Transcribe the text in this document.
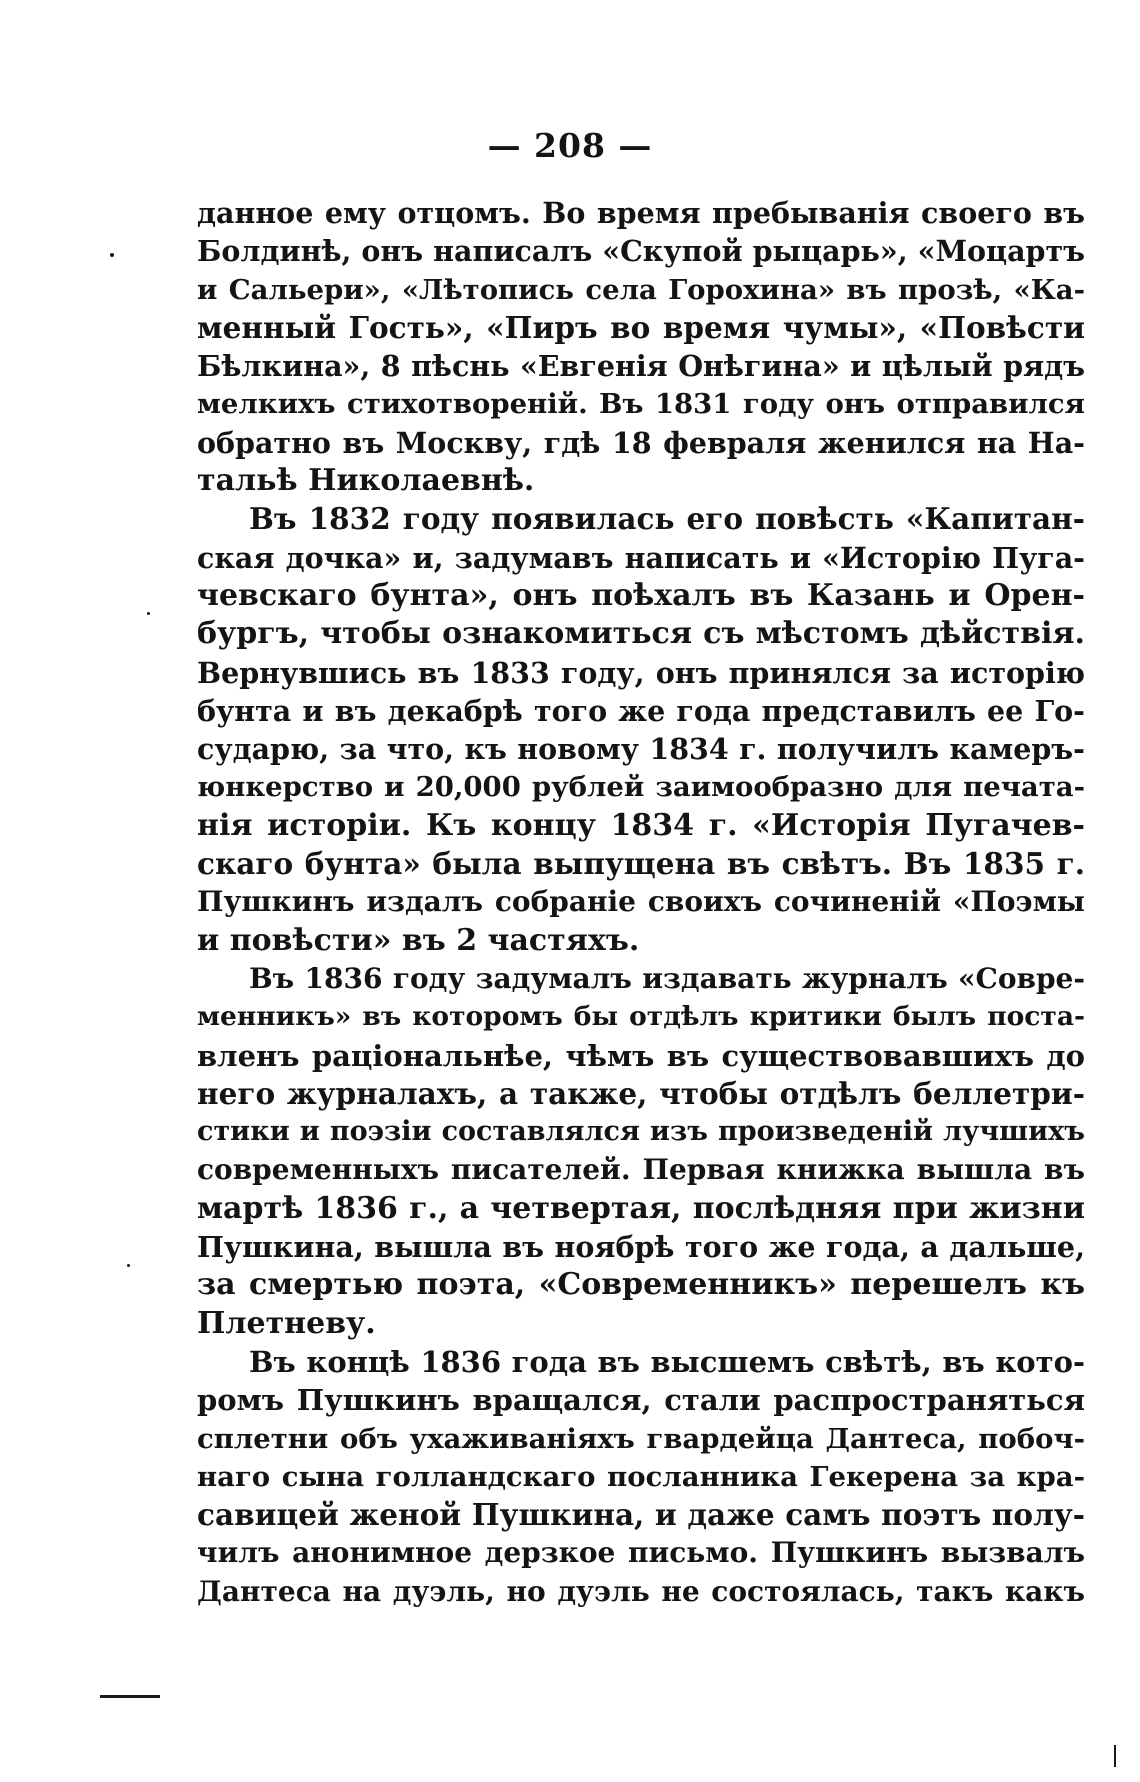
— 208 —
данное ему отцомъ. Во время пребыванія своего въ
Болдинѣ, онъ написалъ «Скупой рыцарь», «Моцартъ
и Сальери», «Лѣтопись села Горохина» въ прозѣ, «Ка-
менный Гость», «Пиръ во время чумы», «Повѣсти
Бѣлкина», 8 пѣснь «Евгенія Онѣгина» и цѣлый рядъ
мелкихъ стихотвореній. Въ 1831 году онъ отправился
обратно въ Москву, гдѣ 18 февраля женился на На-
тальѣ Николаевнѣ.
Въ 1832 году появилась его повѣсть «Капитан-
ская дочка» и, задумавъ написать и «Исторію Пуга-
чевскаго бунта», онъ поѣхалъ въ Казань и Орен-
бургъ, чтобы ознакомиться съ мѣстомъ дѣйствія.
Вернувшись въ 1833 году, онъ принялся за исторію
бунта и въ декабрѣ того же года представилъ ее Го-
сударю, за что, къ новому 1834 г. получилъ камеръ-
юнкерство и 20,000 рублей заимообразно для печата-
нія исторіи. Къ концу 1834 г. «Исторія Пугачев-
скаго бунта» была выпущена въ свѣтъ. Въ 1835 г.
Пушкинъ издалъ собраніе своихъ сочиненій «Поэмы
и повѣсти» въ 2 частяхъ.
Въ 1836 году задумалъ издавать журналъ «Совре-
менникъ» въ которомъ бы отдѣлъ критики былъ поста-
вленъ раціональнѣе, чѣмъ въ существовавшихъ до
него журналахъ, а также, чтобы отдѣлъ беллетри-
стики и поэзіи составлялся изъ произведеній лучшихъ
современныхъ писателей. Первая книжка вышла въ
мартѣ 1836 г., а четвертая, послѣдняя при жизни
Пушкина, вышла въ ноябрѣ того же года, а дальше,
за смертью поэта, «Современникъ» перешелъ къ
Плетневу.
Въ концѣ 1836 года въ высшемъ свѣтѣ, въ кото-
ромъ Пушкинъ вращался, стали распространяться
сплетни объ ухаживаніяхъ гвардейца Дантеса, побоч-
наго сына голландскаго посланника Гекерена за кра-
савицей женой Пушкина, и даже самъ поэтъ полу-
чилъ анонимное дерзкое письмо. Пушкинъ вызвалъ
Дантеса на дуэль, но дуэль не состоялась, такъ какъ
